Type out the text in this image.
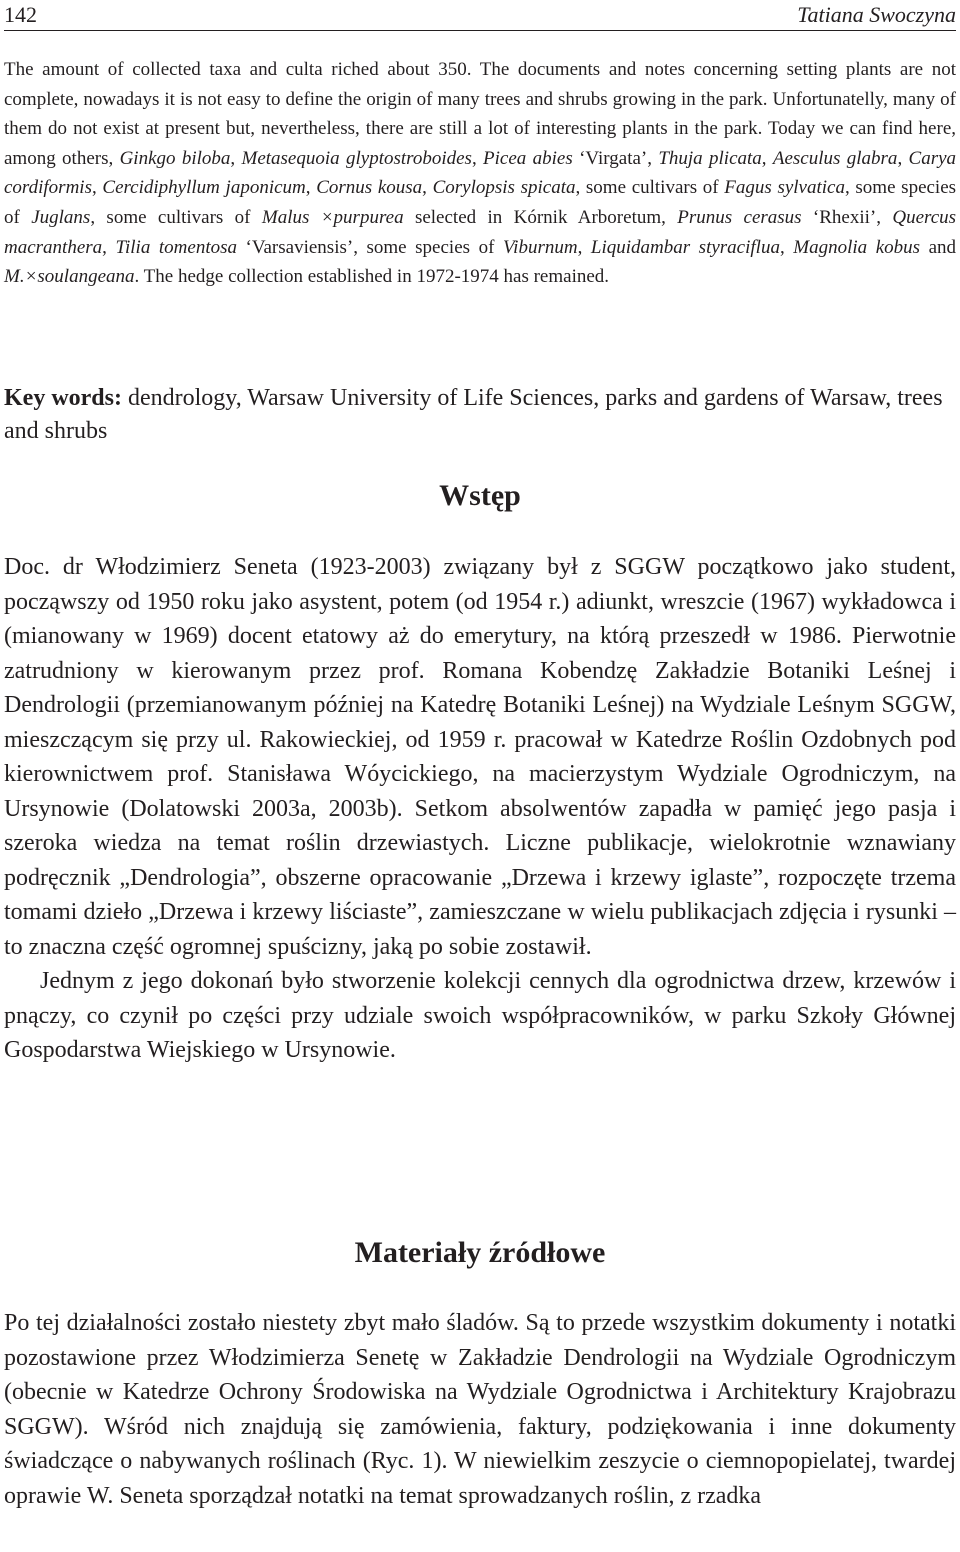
142	Tatiana Swoczyna

The amount of collected taxa and culta riched about 350. The documents and notes concerning setting plants are not complete, nowadays it is not easy to define the origin of many trees and shrubs growing in the park. Unfortunatelly, many of them do not exist at present but, nevertheless, there are still a lot of interesting plants in the park. Today we can find here, among others, Ginkgo biloba, Metasequoia glyptostroboides, Picea abies ‘Virgata’, Thuja plicata, Aesculus glabra, Carya cordiformis, Cercidiphyllum japonicum, Cornus kousa, Corylopsis spicata, some cultivars of Fagus sylvatica, some species of Juglans, some cultivars of Malus ×purpurea selected in Kórnik Arboretum, Prunus cerasus ‘Rhexii’, Quercus macranthera, Tilia tomentosa ‘Varsaviensis’, some species of Viburnum, Liquidambar styraciflua, Magnolia kobus and M.×soulangeana. The hedge collection established in 1972-1974 has remained.

Key words: dendrology, Warsaw University of Life Sciences, parks and gardens of Warsaw, trees and shrubs
Wstęp

Doc. dr Włodzimierz Seneta (1923-2003) związany był z SGGW początkowo jako student, począwszy od 1950 roku jako asystent, potem (od 1954 r.) adiunkt, wreszcie (1967) wykładowca i (mianowany w 1969) docent etatowy aż do emerytury, na którą przeszedł w 1986. Pierwotnie zatrudniony w kierowanym przez prof. Romana Kobendzę Zakładzie Botaniki Leśnej i Dendrologii (przemianowanym później na Katedrę Botaniki Leśnej) na Wydziale Leśnym SGGW, mieszczącym się przy ul. Rakowieckiej, od 1959 r. pracował w Katedrze Roślin Ozdobnych pod kierownictwem prof. Stanisława Wóycickiego, na macierzystym Wydziale Ogrodniczym, na Ursynowie (Dolatowski 2003a, 2003b). Setkom absolwentów zapadła w pamięć jego pasja i szeroka wiedza na temat roślin drzewiastych. Liczne publikacje, wielokrotnie wznawiany podręcznik „Dendrologia”, obszerne opracowanie „Drzewa i krzewy iglaste”, rozpoczęte trzema tomami dzieło „Drzewa i krzewy liściaste”, zamieszczane w wielu publikacjach zdjęcia i rysunki – to znaczna część ogromnej spuścizny, jaką po sobie zostawił.

Jednym z jego dokonań było stworzenie kolekcji cennych dla ogrodnictwa drzew, krzewów i pnączy, co czynił po części przy udziale swoich współpracowników, w parku Szkoły Głównej Gospodarstwa Wiejskiego w Ursynowie.

Materiały źródłowe

Po tej działalności zostało niestety zbyt mało śladów. Są to przede wszystkim dokumenty i notatki pozostawione przez Włodzimierza Senetę w Zakładzie Dendrologii na Wydziale Ogrodniczym (obecnie w Katedrze Ochrony Środowiska na Wydziale Ogrodnictwa i Architektury Krajobrazu SGGW). Wśród nich znajdują się zamówienia, faktury, podziękowania i inne dokumenty świadczące o nabywanych roślinach (Ryc. 1). W niewielkim zeszycie o ciemnopopielatej, twardej oprawie W. Seneta sporządzał notatki na temat sprowadzanych roślin, z rzadka
